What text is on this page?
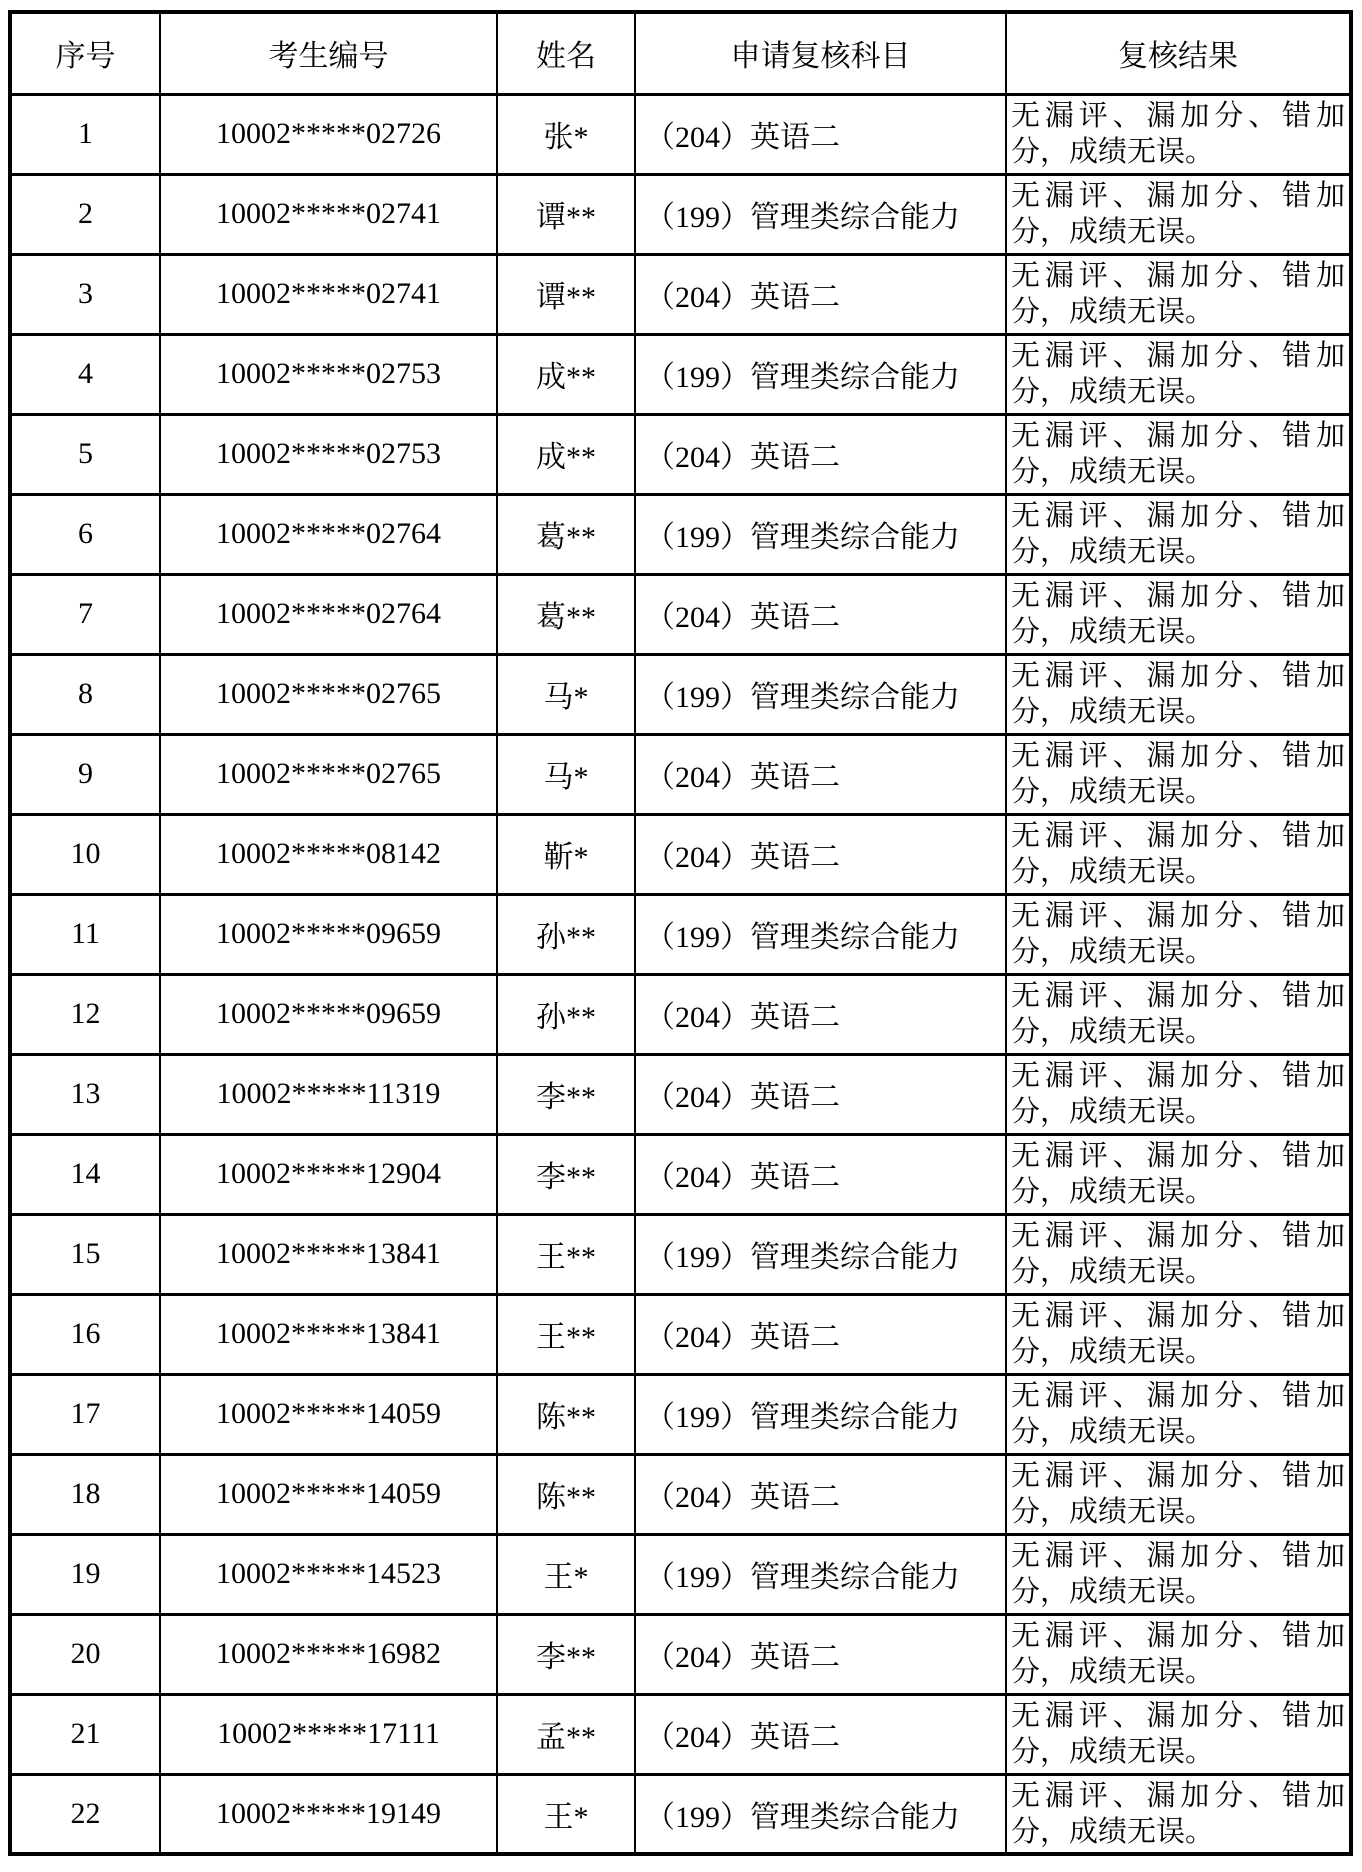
序号	考生编号	姓名	申请复核科目	复核结果
1	10002*****02726	张*	（204）英语二	无漏评、漏加分、错加分，成绩无误。
2	10002*****02741	谭**	（199）管理类综合能力	无漏评、漏加分、错加分，成绩无误。
3	10002*****02741	谭**	（204）英语二	无漏评、漏加分、错加分，成绩无误。
4	10002*****02753	成**	（199）管理类综合能力	无漏评、漏加分、错加分，成绩无误。
5	10002*****02753	成**	（204）英语二	无漏评、漏加分、错加分，成绩无误。
6	10002*****02764	葛**	（199）管理类综合能力	无漏评、漏加分、错加分，成绩无误。
7	10002*****02764	葛**	（204）英语二	无漏评、漏加分、错加分，成绩无误。
8	10002*****02765	马*	（199）管理类综合能力	无漏评、漏加分、错加分，成绩无误。
9	10002*****02765	马*	（204）英语二	无漏评、漏加分、错加分，成绩无误。
10	10002*****08142	靳*	（204）英语二	无漏评、漏加分、错加分，成绩无误。
11	10002*****09659	孙**	（199）管理类综合能力	无漏评、漏加分、错加分，成绩无误。
12	10002*****09659	孙**	（204）英语二	无漏评、漏加分、错加分，成绩无误。
13	10002*****11319	李**	（204）英语二	无漏评、漏加分、错加分，成绩无误。
14	10002*****12904	李**	（204）英语二	无漏评、漏加分、错加分，成绩无误。
15	10002*****13841	王**	（199）管理类综合能力	无漏评、漏加分、错加分，成绩无误。
16	10002*****13841	王**	（204）英语二	无漏评、漏加分、错加分，成绩无误。
17	10002*****14059	陈**	（199）管理类综合能力	无漏评、漏加分、错加分，成绩无误。
18	10002*****14059	陈**	（204）英语二	无漏评、漏加分、错加分，成绩无误。
19	10002*****14523	王*	（199）管理类综合能力	无漏评、漏加分、错加分，成绩无误。
20	10002*****16982	李**	（204）英语二	无漏评、漏加分、错加分，成绩无误。
21	10002*****17111	孟**	（204）英语二	无漏评、漏加分、错加分，成绩无误。
22	10002*****19149	王*	（199）管理类综合能力	无漏评、漏加分、错加分，成绩无误。
